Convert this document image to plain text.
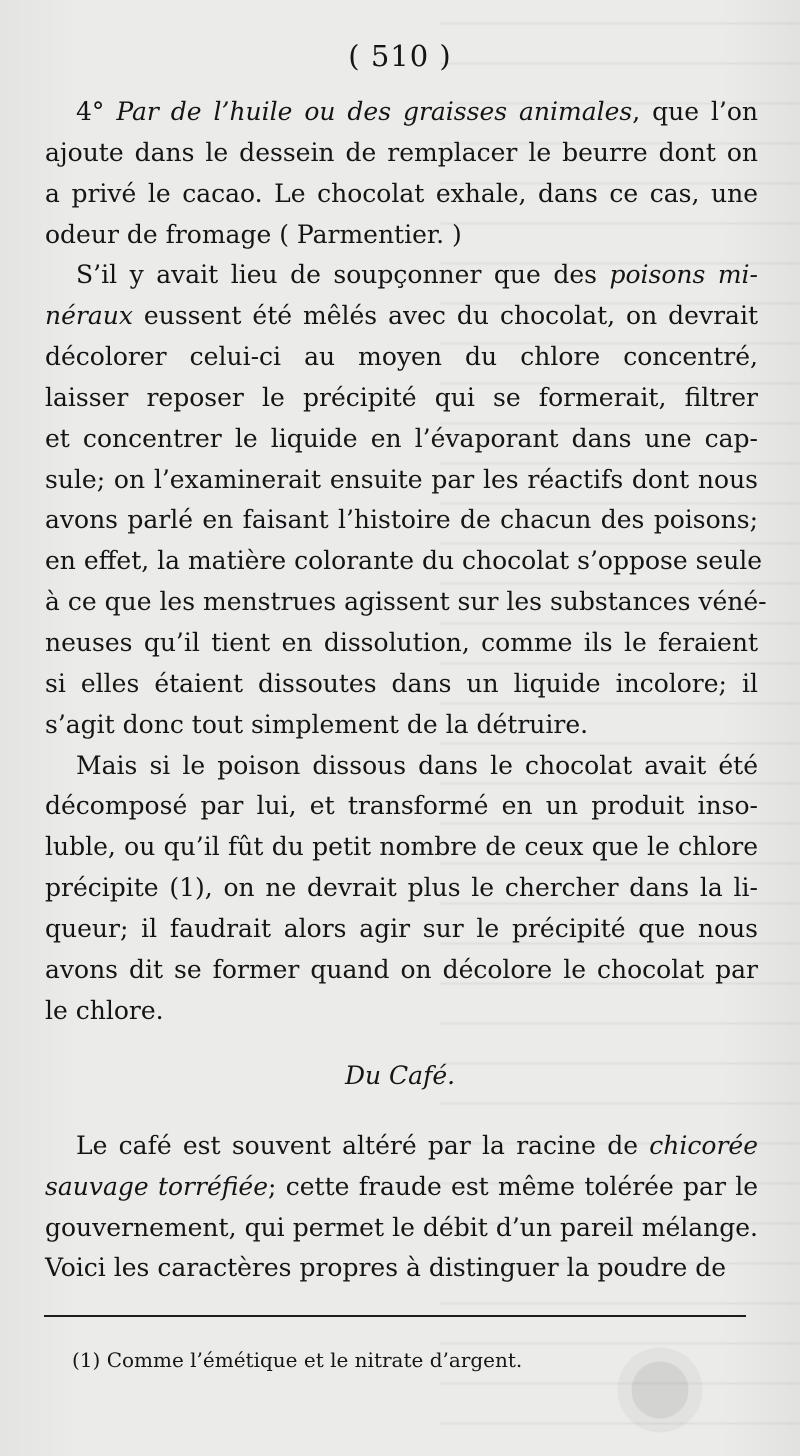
( 510 )
4° Par de l’huile ou des graisses animales, que l’on
ajoute dans le dessein de remplacer le beurre dont on
a privé le cacao. Le chocolat exhale, dans ce cas, une
odeur de fromage ( Parmentier. )
S’il y avait lieu de soupçonner que des poisons mi-
néraux eussent été mêlés avec du chocolat, on devrait
décolorer celui-ci au moyen du chlore concentré,
laisser reposer le précipité qui se formerait, filtrer
et concentrer le liquide en l’évaporant dans une cap-
sule; on l’examinerait ensuite par les réactifs dont nous
avons parlé en faisant l’histoire de chacun des poisons;
en effet, la matière colorante du chocolat s’oppose seule
à ce que les menstrues agissent sur les substances véné-
neuses qu’il tient en dissolution, comme ils le feraient
si elles étaient dissoutes dans un liquide incolore; il
s’agit donc tout simplement de la détruire.
Mais si le poison dissous dans le chocolat avait été
décomposé par lui, et transformé en un produit inso-
luble, ou qu’il fût du petit nombre de ceux que le chlore
précipite (1), on ne devrait plus le chercher dans la li-
queur; il faudrait alors agir sur le précipité que nous
avons dit se former quand on décolore le chocolat par
le chlore.
Du Café.
Le café est souvent altéré par la racine de chicorée
sauvage torréfiée; cette fraude est même tolérée par le
gouvernement, qui permet le débit d’un pareil mélange.
Voici les caractères propres à distinguer la poudre de
(1) Comme l’émétique et le nitrate d’argent.
